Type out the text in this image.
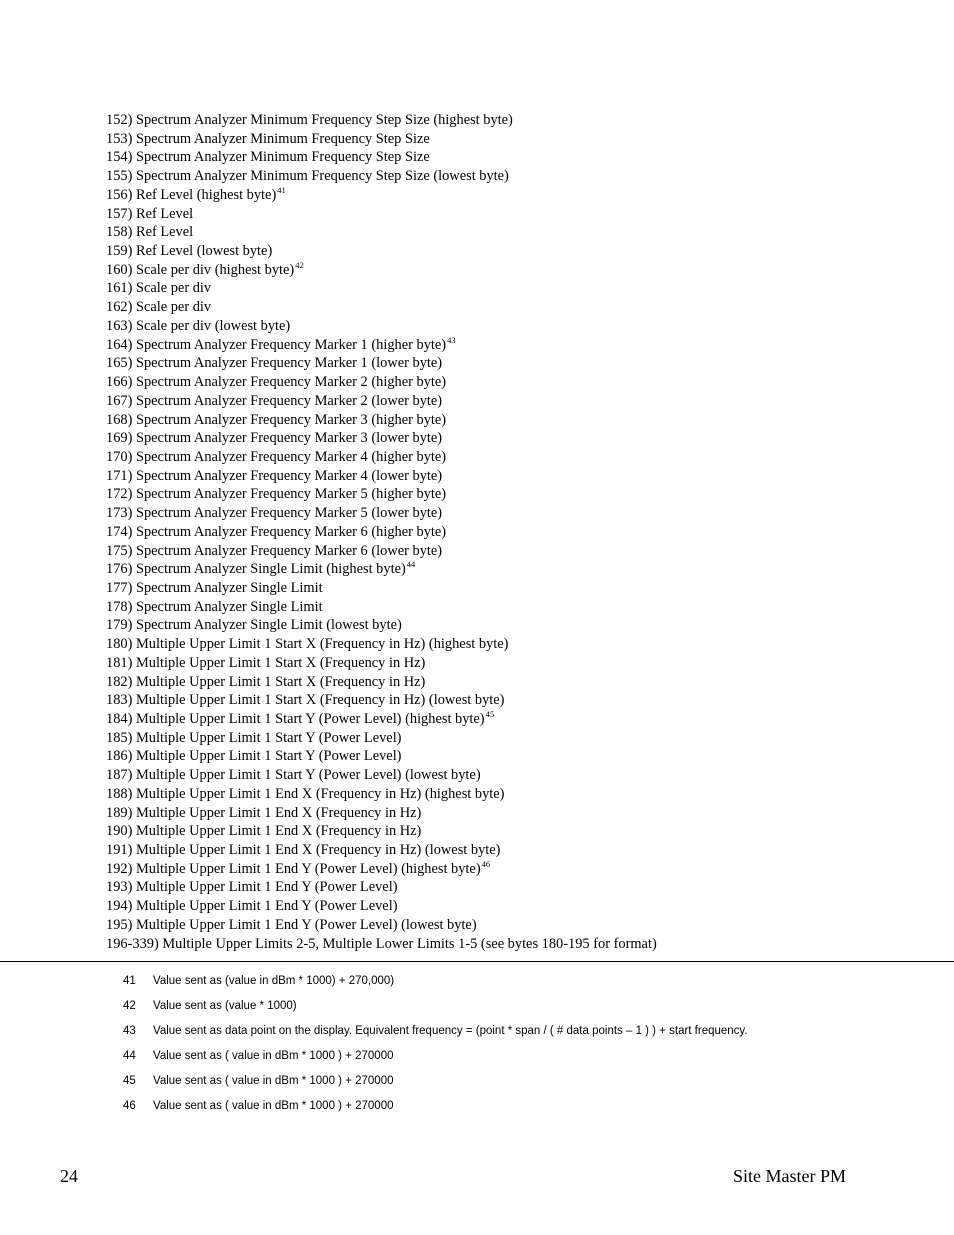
152) Spectrum Analyzer Minimum Frequency Step Size (highest byte)
153) Spectrum Analyzer Minimum Frequency Step Size
154) Spectrum Analyzer Minimum Frequency Step Size
155) Spectrum Analyzer Minimum Frequency Step Size (lowest byte)
156) Ref Level (highest byte)$^{41}$
157) Ref Level
158) Ref Level
159) Ref Level (lowest byte)
160) Scale per div (highest byte)$^{42}$
161) Scale per div
162) Scale per div
163) Scale per div (lowest byte)
164) Spectrum Analyzer Frequency Marker 1 (higher byte)$^{43}$
165) Spectrum Analyzer Frequency Marker 1 (lower byte)
166) Spectrum Analyzer Frequency Marker 2 (higher byte)
167) Spectrum Analyzer Frequency Marker 2 (lower byte)
168) Spectrum Analyzer Frequency Marker 3 (higher byte)
169) Spectrum Analyzer Frequency Marker 3 (lower byte)
170) Spectrum Analyzer Frequency Marker 4 (higher byte)
171) Spectrum Analyzer Frequency Marker 4 (lower byte)
172) Spectrum Analyzer Frequency Marker 5 (higher byte)
173) Spectrum Analyzer Frequency Marker 5 (lower byte)
174) Spectrum Analyzer Frequency Marker 6 (higher byte)
175) Spectrum Analyzer Frequency Marker 6 (lower byte)
176) Spectrum Analyzer Single Limit (highest byte)$^{44}$
177) Spectrum Analyzer Single Limit
178) Spectrum Analyzer Single Limit
179) Spectrum Analyzer Single Limit (lowest byte)
180) Multiple Upper Limit 1 Start X (Frequency in Hz) (highest byte)
181) Multiple Upper Limit 1 Start X (Frequency in Hz)
182) Multiple Upper Limit 1 Start X (Frequency in Hz)
183) Multiple Upper Limit 1 Start X (Frequency in Hz) (lowest byte)
184) Multiple Upper Limit 1 Start Y (Power Level) (highest byte)$^{45}$
185) Multiple Upper Limit 1 Start Y (Power Level)
186) Multiple Upper Limit 1 Start Y (Power Level)
187) Multiple Upper Limit 1 Start Y (Power Level) (lowest byte)
188) Multiple Upper Limit 1 End X (Frequency in Hz) (highest byte)
189) Multiple Upper Limit 1 End X (Frequency in Hz)
190) Multiple Upper Limit 1 End X (Frequency in Hz)
191) Multiple Upper Limit 1 End X (Frequency in Hz) (lowest byte)
192) Multiple Upper Limit 1 End Y (Power Level) (highest byte)$^{46}$
193) Multiple Upper Limit 1 End Y (Power Level)
194) Multiple Upper Limit 1 End Y (Power Level)
195) Multiple Upper Limit 1 End Y (Power Level) (lowest byte)
196-339) Multiple Upper Limits 2-5, Multiple Lower Limits 1-5 (see bytes 180-195 for format)
41 Value sent as (value in dBm * 1000) + 270,000)
42 Value sent as (value * 1000)
43 Value sent as data point on the display. Equivalent frequency = (point * span / ( # data points – 1 ) ) + start frequency.
44 Value sent as ( value in dBm * 1000 ) + 270000
45 Value sent as ( value in dBm * 1000 ) + 270000
46 Value sent as ( value in dBm * 1000 ) + 270000
24	Site Master PM
